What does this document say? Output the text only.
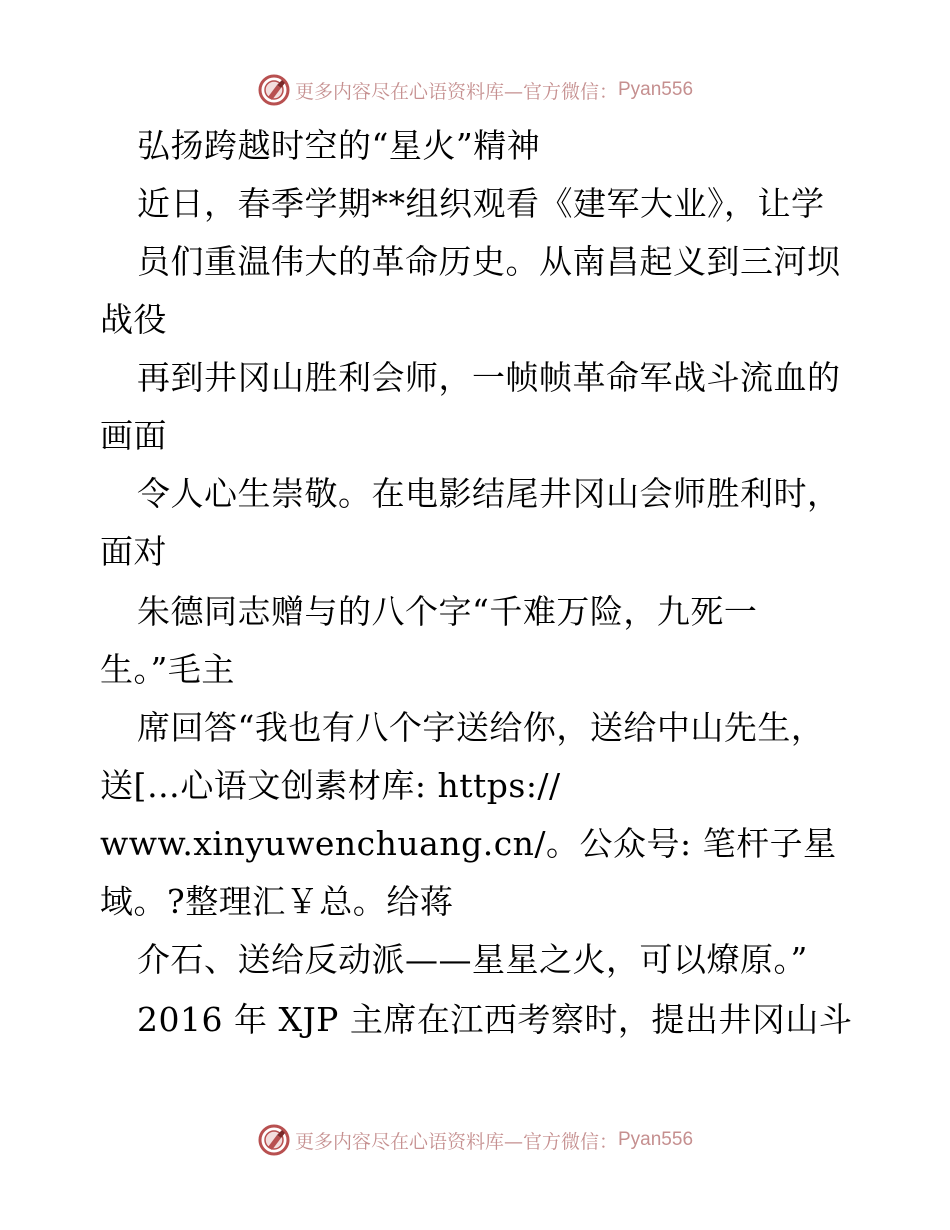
更多内容尽在心语资料库— 官方微信： Pyan556
弘扬跨越时空的“星火”精神
近日，春季学期**组织观看《建军大业》，让学
员们重温伟大的革命历史。从南昌起义到三河坝
战役
再到井冈山胜利会师，一帧帧革命军战斗流血的
画面
令人心生崇敬。在电影结尾井冈山会师胜利时，
面对
朱德同志赠与的八个字“千难万险，九死一
生。”毛主
席回答“我也有八个字送给你，送给中山先生，
送[…心语文创素材库: https://
www.xinyuwenchuang.cn/。公众号: 笔杆子星
域。?整理汇￥总。给蒋
介石、送给反动派——星星之火，可以燎原。”
2016 年 XJP 主席在江西考察时，提出井冈山斗
更多内容尽在心语资料库— 官方微信： Pyan556
